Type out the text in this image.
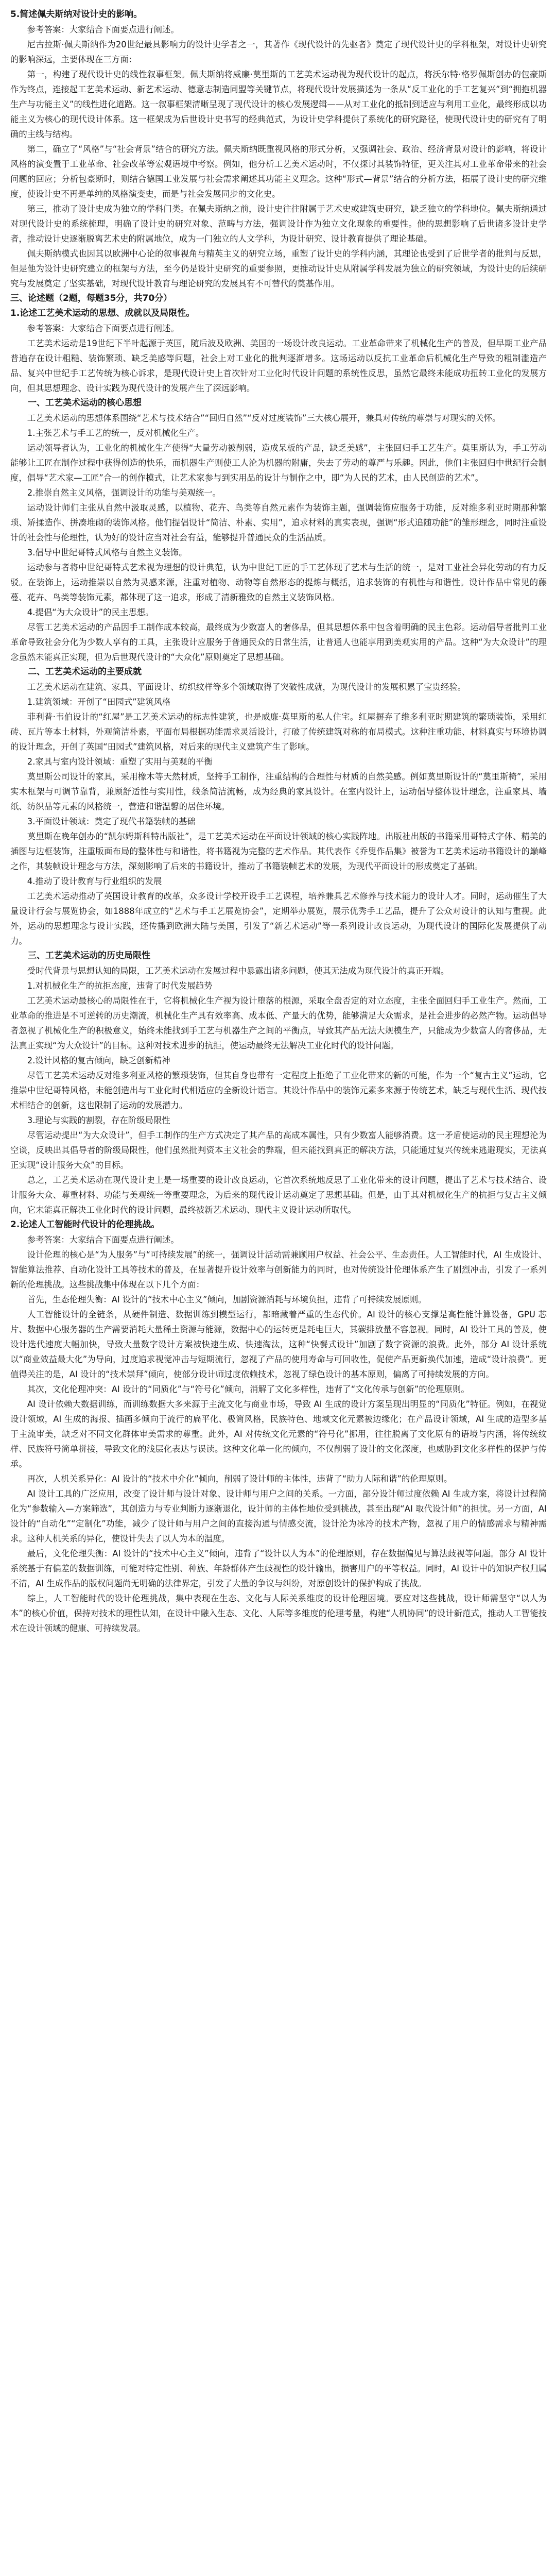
5.简述佩夫斯纳对设计史的影响。

参考答案：大家结合下面要点进行阐述。

尼古拉斯·佩夫斯纳作为20世纪最具影响力的设计史学者之一，其著作《现代设计的先驱者》奠定了现代设计史的学科框架，对设计史研究的影响深远，主要体现在三方面：

第一，构建了现代设计史的线性叙事框架。佩夫斯纳将威廉·莫里斯的工艺美术运动视为现代设计的起点，将沃尔特·格罗佩斯创办的包豪斯作为终点，连接起工艺美术运动、新艺术运动、德意志制造同盟等关键节点，将现代设计发展描述为一条从“反工业化的手工艺复兴”到“拥抱机器生产与功能主义”的线性进化道路。这一叙事框架清晰呈现了现代设计的核心发展逻辑——从对工业化的抵制到适应与利用工业化，最终形成以功能主义为核心的现代设计体系。这一框架成为后世设计史书写的经典范式，为设计史学科提供了系统化的研究路径，使现代设计史的研究有了明确的主线与结构。

第二，确立了“风格”与“社会背景”结合的研究方法。佩夫斯纳既重视风格的形式分析，又强调社会、政治、经济背景对设计的影响，将设计风格的演变置于工业革命、社会改革等宏观语境中考察。例如，他分析工艺美术运动时，不仅探讨其装饰特征，更关注其对工业革命带来的社会问题的回应；分析包豪斯时，则结合德国工业发展与社会需求阐述其功能主义理念。这种“形式—背景”结合的分析方法，拓展了设计史的研究维度，使设计史不再是单纯的风格演变史，而是与社会发展同步的文化史。

第三，推动了设计史成为独立的学科门类。在佩夫斯纳之前，设计史往往附属于艺术史或建筑史研究，缺乏独立的学科地位。佩夫斯纳通过对现代设计史的系统梳理，明确了设计史的研究对象、范畴与方法，强调设计作为独立文化现象的重要性。他的思想影响了后世诸多设计史学者，推动设计史逐渐脱离艺术史的附属地位，成为一门独立的人文学科，为设计研究、设计教育提供了理论基础。

佩夫斯纳模式也因其以欧洲中心论的叙事视角与精英主义的研究立场，重塑了设计史的学科内涵，其理论也受到了后世学者的批判与反思，但是他为设计史研究建立的框架与方法，至今仍是设计史研究的重要参照，更推动设计史从附属学科发展为独立的研究领域，为设计史的后续研究与发展奠定了坚实基础，对现代设计教育与理论研究的发展具有不可替代的奠基作用。

三、论述题（2题，每题35分，共70分）

1.论述工艺美术运动的思想、成就以及局限性。

参考答案：大家结合下面要点进行阐述。

工艺美术运动是19世纪下半叶起源于英国，随后波及欧洲、美国的一场设计改良运动。工业革命带来了机械化生产的普及，但早期工业产品普遍存在设计粗糙、装饰繁琐、缺乏美感等问题，社会上对工业化的批判逐渐增多。这场运动以反抗工业革命后机械化生产导致的粗制滥造产品、复兴中世纪手工艺传统为核心诉求，是现代设计史上首次针对工业化时代设计问题的系统性反思，虽然它最终未能成功扭转工业化的发展方向，但其思想理念、设计实践为现代设计的发展产生了深远影响。

一、工艺美术运动的核心思想

工艺美术运动的思想体系围绕“艺术与技术结合”“回归自然”“反对过度装饰”三大核心展开，兼具对传统的尊崇与对现实的关怀。

1.主张艺术与手工艺的统一，反对机械化生产。

运动领导者认为，工业化的机械化生产使得“大量劳动被削弱，造成呆板的产品，缺乏美感”，主张回归手工艺生产。莫里斯认为，手工劳动能够让工匠在制作过程中获得创造的快乐，而机器生产则使工人沦为机器的附庸，失去了劳动的尊严与乐趣。因此，他们主张回归中世纪行会制度，倡导“艺术家—工匠”合一的创作模式，让艺术家参与到实用品的设计与制作之中，即“为人民的艺术，由人民创造的艺术”。

2.推崇自然主义风格，强调设计的功能与美观统一。

运动设计师们主张从自然中汲取灵感，以植物、花卉、鸟类等自然元素作为装饰主题，强调装饰应服务于功能，反对维多利亚时期那种繁琐、矫揉造作、拼凑堆砌的装饰风格。他们提倡设计“简洁、朴素、实用”，追求材料的真实表现，强调“形式追随功能”的雏形理念，同时注重设计的社会性与伦理性，认为好的设计应当对社会有益，能够提升普通民众的生活品质。

3.倡导中世纪哥特式风格与自然主义装饰。

运动参与者将中世纪哥特式艺术视为理想的设计典范，认为中世纪工匠的手工艺体现了艺术与生活的统一，是对工业社会异化劳动的有力反驳。在装饰上，运动推崇以自然为灵感来源，注重对植物、动物等自然形态的提炼与概括，追求装饰的有机性与和谐性。设计作品中常见的藤蔓、花卉、鸟类等装饰元素，都体现了这一追求，形成了清新雅致的自然主义装饰风格。

4.提倡“为大众设计”的民主思想。

尽管工艺美术运动的产品因手工制作成本较高，最终成为少数富人的奢侈品，但其思想体系中包含着明确的民主色彩。运动倡导者批判工业革命导致社会分化为少数人享有的工具，主张设计应服务于普通民众的日常生活，让普通人也能享用到美观实用的产品。这种“为大众设计”的理念虽然未能真正实现，但为后世现代设计的“大众化”原则奠定了思想基础。

二、工艺美术运动的主要成就

工艺美术运动在建筑、家具、平面设计、纺织纹样等多个领域取得了突破性成就，为现代设计的发展积累了宝贵经验。

1.建筑领域：开创了“田园式”建筑风格

菲利普·韦伯设计的“红屋”是工艺美术运动的标志性建筑，也是威廉·莫里斯的私人住宅。红屋摒弃了维多利亚时期建筑的繁琐装饰，采用红砖、瓦片等本土材料，外观简洁朴素，平面布局根据功能需求灵活设计，打破了传统建筑对称的布局模式。这种注重功能、材料真实与环境协调的设计理念，开创了英国“田园式”建筑风格，对后来的现代主义建筑产生了影响。

2.家具与室内设计领域：重塑了实用与美观的平衡

莫里斯公司设计的家具，采用橡木等天然材质，坚持手工制作，注重结构的合理性与材质的自然美感。例如莫里斯设计的“莫里斯椅”，采用实木框架与可调节靠背，兼顾舒适性与实用性，线条简洁流畅，成为经典的家具设计。在室内设计上，运动倡导整体设计理念，注重家具、墙纸、纺织品等元素的风格统一，营造和谐温馨的居住环境。

3.平面设计领域：奠定了现代书籍装帧的基础

莫里斯在晚年创办的“凯尔姆斯科特出版社”，是工艺美术运动在平面设计领域的核心实践阵地。出版社出版的书籍采用哥特式字体、精美的插图与边框装饰，注重版面布局的整体性与和谐性，将书籍视为完整的艺术作品。其代表作《乔叟作品集》被誉为工艺美术运动书籍设计的巅峰之作，其装帧设计理念与方法，深刻影响了后来的书籍设计，推动了书籍装帧艺术的发展，为现代平面设计的形成奠定了基础。

4.推动了设计教育与行业组织的发展

工艺美术运动推动了英国设计教育的改革，众多设计学校开设手工艺课程，培养兼具艺术修养与技术能力的设计人才。同时，运动催生了大量设计行会与展览协会，如1888年成立的“艺术与手工艺展览协会”，定期举办展览，展示优秀手工艺品，提升了公众对设计的认知与重视。此外，运动的思想理念与设计实践，还传播到欧洲大陆与美国，引发了“新艺术运动”等一系列设计改良运动，为现代设计的国际化发展提供了动力。

三、工艺美术运动的历史局限性

受时代背景与思想认知的局限，工艺美术运动在发展过程中暴露出诸多问题，使其无法成为现代设计的真正开端。

1.对机械化生产的抗拒态度，违背了时代发展趋势

工艺美术运动最核心的局限性在于，它将机械化生产视为设计堕落的根源，采取全盘否定的对立态度，主张全面回归手工业生产。然而，工业革命的推进是不可逆转的历史潮流，机械化生产具有效率高、成本低、产量大的优势，能够满足大众需求，是社会进步的必然产物。运动倡导者忽视了机械化生产的积极意义，始终未能找到手工艺与机器生产之间的平衡点，导致其产品无法大规模生产，只能成为少数富人的奢侈品，无法真正实现“为大众设计”的目标。这种对技术进步的抗拒，使运动最终无法解决工业化时代的设计问题。

2.设计风格的复古倾向，缺乏创新精神

尽管工艺美术运动反对维多利亚风格的繁琐装饰，但其自身也带有一定程度上拒绝了工业化带来的新的可能，作为一个“复古主义”运动，它推崇中世纪哥特风格，未能创造出与工业化时代相适应的全新设计语言。其设计作品中的装饰元素多来源于传统艺术，缺乏与现代生活、现代技术相结合的创新，这也限制了运动的发展潜力。

3.理论与实践的割裂，存在阶级局限性

尽管运动提出“为大众设计”，但手工制作的生产方式决定了其产品的高成本属性，只有少数富人能够消费。这一矛盾使运动的民主理想沦为空谈，反映出其倡导者的阶级局限性，他们虽然批判资本主义社会的弊端，但未能找到真正的解决方法，只能通过复兴传统来逃避现实，无法真正实现“设计服务大众”的目标。

总之，工艺美术运动在现代设计史上是一场重要的设计改良运动，它首次系统地反思了工业化带来的设计问题，提出了艺术与技术结合、设计服务大众、尊重材料、功能与美观统一等重要理念，为后来的现代设计运动奠定了思想基础。但是，由于其对机械化生产的抗拒与复古主义倾向，它未能真正解决工业化时代的设计问题，最终被新艺术运动、现代主义设计运动所取代。

2.论述人工智能时代设计的伦理挑战。

参考答案：大家结合下面要点进行阐述。

设计伦理的核心是“为人服务”与“可持续发展”的统一，强调设计活动需兼顾用户权益、社会公平、生态责任。人工智能时代，AI 生成设计、智能算法推荐、自动化设计工具等技术的普及，在显著提升设计效率与创新能力的同时，也对传统设计伦理体系产生了剧烈冲击，引发了一系列新的伦理挑战。这些挑战集中体现在以下几个方面：

首先，生态伦理失衡：AI 设计的“技术中心主义”倾向，加剧资源消耗与环境负担，违背了可持续发展原则。

人工智能设计的全链条，从硬件制造、数据训练到模型运行，都暗藏着严重的生态代价。AI 设计的核心支撑是高性能计算设备，GPU 芯片、数据中心服务器的生产需要消耗大量稀土资源与能源，数据中心的运转更是耗电巨大，其碳排放量不容忽视。同时，AI 设计工具的普及，使设计迭代速度大幅加快，导致大量数字设计方案被快速生成、快速淘汰，这种“快餐式设计”加剧了数字资源的浪费。此外，部分 AI 设计系统以“商业效益最大化”为导向，过度追求视觉冲击与短期流行，忽视了产品的使用寿命与可回收性，促使产品更新换代加速，造成“设计浪费”。更值得关注的是，AI 设计的“技术崇拜”倾向，使部分设计师过度依赖技术，忽视了绿色设计的基本原则，偏离了可持续发展的方向。

其次，文化伦理冲突：AI 设计的“同质化”与“符号化”倾向，消解了文化多样性，违背了“文化传承与创新”的伦理原则。

AI 设计依赖大数据训练，而训练数据大多来源于主流文化与商业市场，导致 AI 生成的设计方案呈现出明显的“同质化”特征。例如，在视觉设计领域，AI 生成的海报、插画多倾向于流行的扁平化、极简风格，民族特色、地域文化元素被边缘化；在产品设计领域，AI 生成的造型多基于主流审美，缺乏对不同文化群体审美需求的尊重。此外，AI 对传统文化元素的“符号化”挪用，往往脱离了文化原有的语境与内涵，将传统纹样、民族符号简单拼接，导致文化的浅层化表达与误读。这种文化单一化的倾向，不仅削弱了设计的文化深度，也威胁到文化多样性的保护与传承。

再次，人机关系异化：AI 设计的“技术中介化”倾向，削弱了设计师的主体性，违背了“助力人际和谐”的伦理原则。

AI 设计工具的广泛应用，改变了设计师与设计对象、设计师与用户之间的关系。一方面，部分设计师过度依赖 AI 生成方案，将设计过程简化为“参数输入—方案筛选”，其创造力与专业判断力逐渐退化，设计师的主体性地位受到挑战，甚至出现“AI 取代设计师”的担忧。另一方面，AI 设计的“自动化”“定制化”功能，减少了设计师与用户之间的直接沟通与情感交流，设计沦为冰冷的技术产物，忽视了用户的情感需求与精神需求。这种人机关系的异化，使设计失去了以人为本的温度。

最后，文化伦理失衡：AI 设计的“技术中心主义”倾向，违背了“设计以人为本”的伦理原则，存在数据偏见与算法歧视等问题。部分 AI 设计系统基于有偏差的数据训练，可能对特定性别、种族、年龄群体产生歧视性的设计输出，损害用户的平等权益。同时，AI 设计中的知识产权归属不清，AI 生成作品的版权问题尚无明确的法律界定，引发了大量的争议与纠纷，对原创设计的保护构成了挑战。

综上，人工智能时代的设计伦理挑战，集中表现在生态、文化与人际关系维度的设计伦理困境。要应对这些挑战，设计师需坚守“以人为本”的核心价值，保持对技术的理性认知，在设计中融入生态、文化、人际等多维度的伦理考量，构建“人机协同”的设计新范式，推动人工智能技术在设计领域的健康、可持续发展。
